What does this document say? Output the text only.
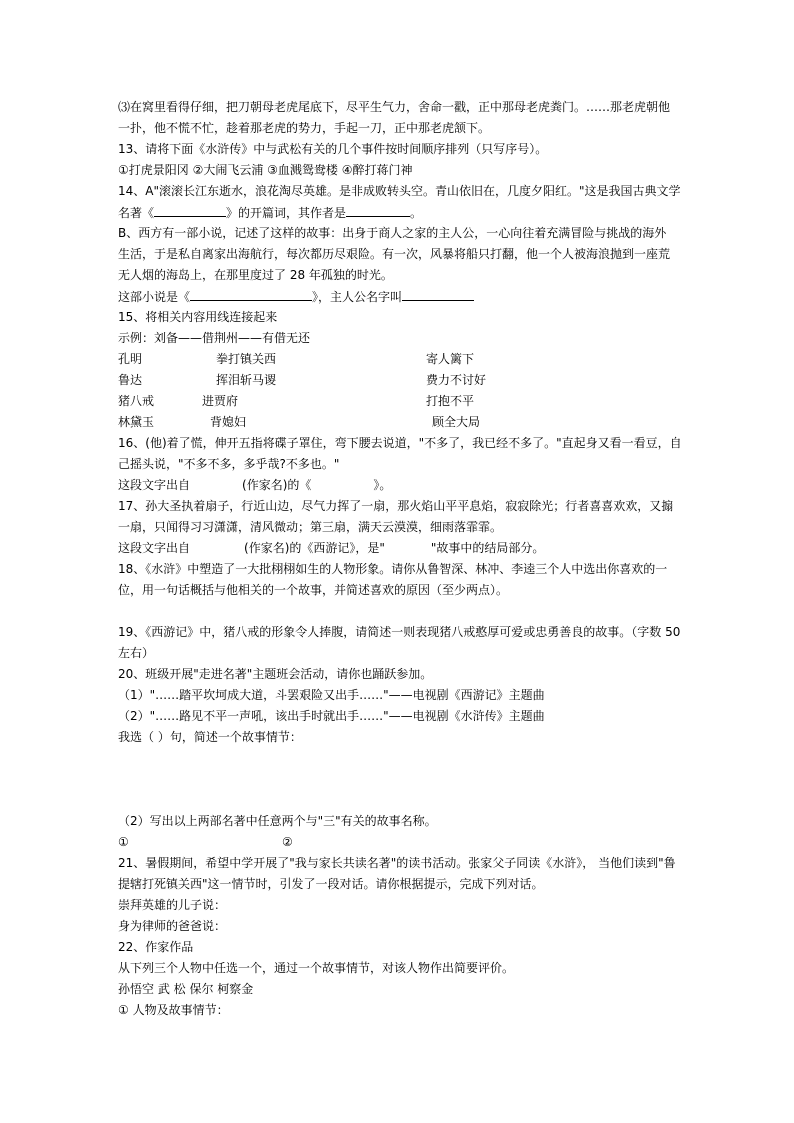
⑶在窝里看得仔细，把刀朝母老虎尾底下，尽平生气力，舍命一戳，正中那母老虎粪门。……那老虎朝他
一扑，他不慌不忙，趁着那老虎的势力，手起一刀，正中那老虎颔下。
13、请将下面《水浒传》中与武松有关的几个事件按时间顺序排列（只写序号）。
①打虎景阳冈 ②大闹飞云浦 ③血溅鸳鸯楼 ④醉打蒋门神
14、A"滚滚长江东逝水，浪花淘尽英雄。是非成败转头空。青山依旧在，几度夕阳红。"这是我国古典文学
名著《	》的开篇词，其作者是	。
B、西方有一部小说，记述了这样的故事：出身于商人之家的主人公，一心向往着充满冒险与挑战的海外
生活，于是私自离家出海航行，每次都历尽艰险。有一次，风暴将船只打翻，他一个人被海浪抛到一座荒
无人烟的海岛上，在那里度过了 28 年孤独的时光。
这部小说是《	》，主人公名字叫
15、将相关内容用线连接起来
示例：刘备——借荆州——有借无还
孔明	拳打镇关西	寄人篱下
鲁达	挥泪斩马谡	费力不讨好
猪八戒	进贾府	打抱不平
林黛玉	背媳妇	顾全大局
16、(他)着了慌，伸开五指将碟子罩住，弯下腰去说道，"不多了，我已经不多了。"直起身又看一看豆，自
己摇头说，"不多不多，多乎哉?不多也。"
这段文字出自	(作家名)的《	》。
17、孙大圣执着扇子，行近山边，尽气力挥了一扇，那火焰山平平息焰，寂寂除光；行者喜喜欢欢，又搧
一扇，只闻得习习潇潇，清风微动；第三扇，满天云漠漠，细雨落霏霏。
这段文字出自	(作家名)的《西游记》，是"	"故事中的结局部分。
18、《水浒》中塑造了一大批栩栩如生的人物形象。请你从鲁智深、林冲、李逵三个人中选出你喜欢的一
位，用一句话概括与他相关的一个故事，并简述喜欢的原因（至少两点）。
19、《西游记》中，猪八戒的形象令人捧腹，请简述一则表现猪八戒憨厚可爱或忠勇善良的故事。（字数 50
左右）
20、班级开展"走进名著"主题班会活动，请你也踊跃参加。
（1）"……踏平坎坷成大道，斗罢艰险又出手……"——电视剧《西游记》主题曲
（2）"……路见不平一声吼，该出手时就出手……"——电视剧《水浒传》主题曲
我选（ ）句，简述一个故事情节：
（2）写出以上两部名著中任意两个与"三"有关的故事名称。
①	②
21、暑假期间，希望中学开展了"我与家长共读名著"的读书活动。张家父子同读《水浒》， 当他们读到"鲁
提辖打死镇关西"这一情节时，引发了一段对话。请你根据提示，完成下列对话。
崇拜英雄的儿子说：
身为律师的爸爸说：
22、作家作品
从下列三个人物中任选一个，通过一个故事情节，对该人物作出简要评价。
孙悟空 武 松 保尔 柯察金
① 人物及故事情节：
